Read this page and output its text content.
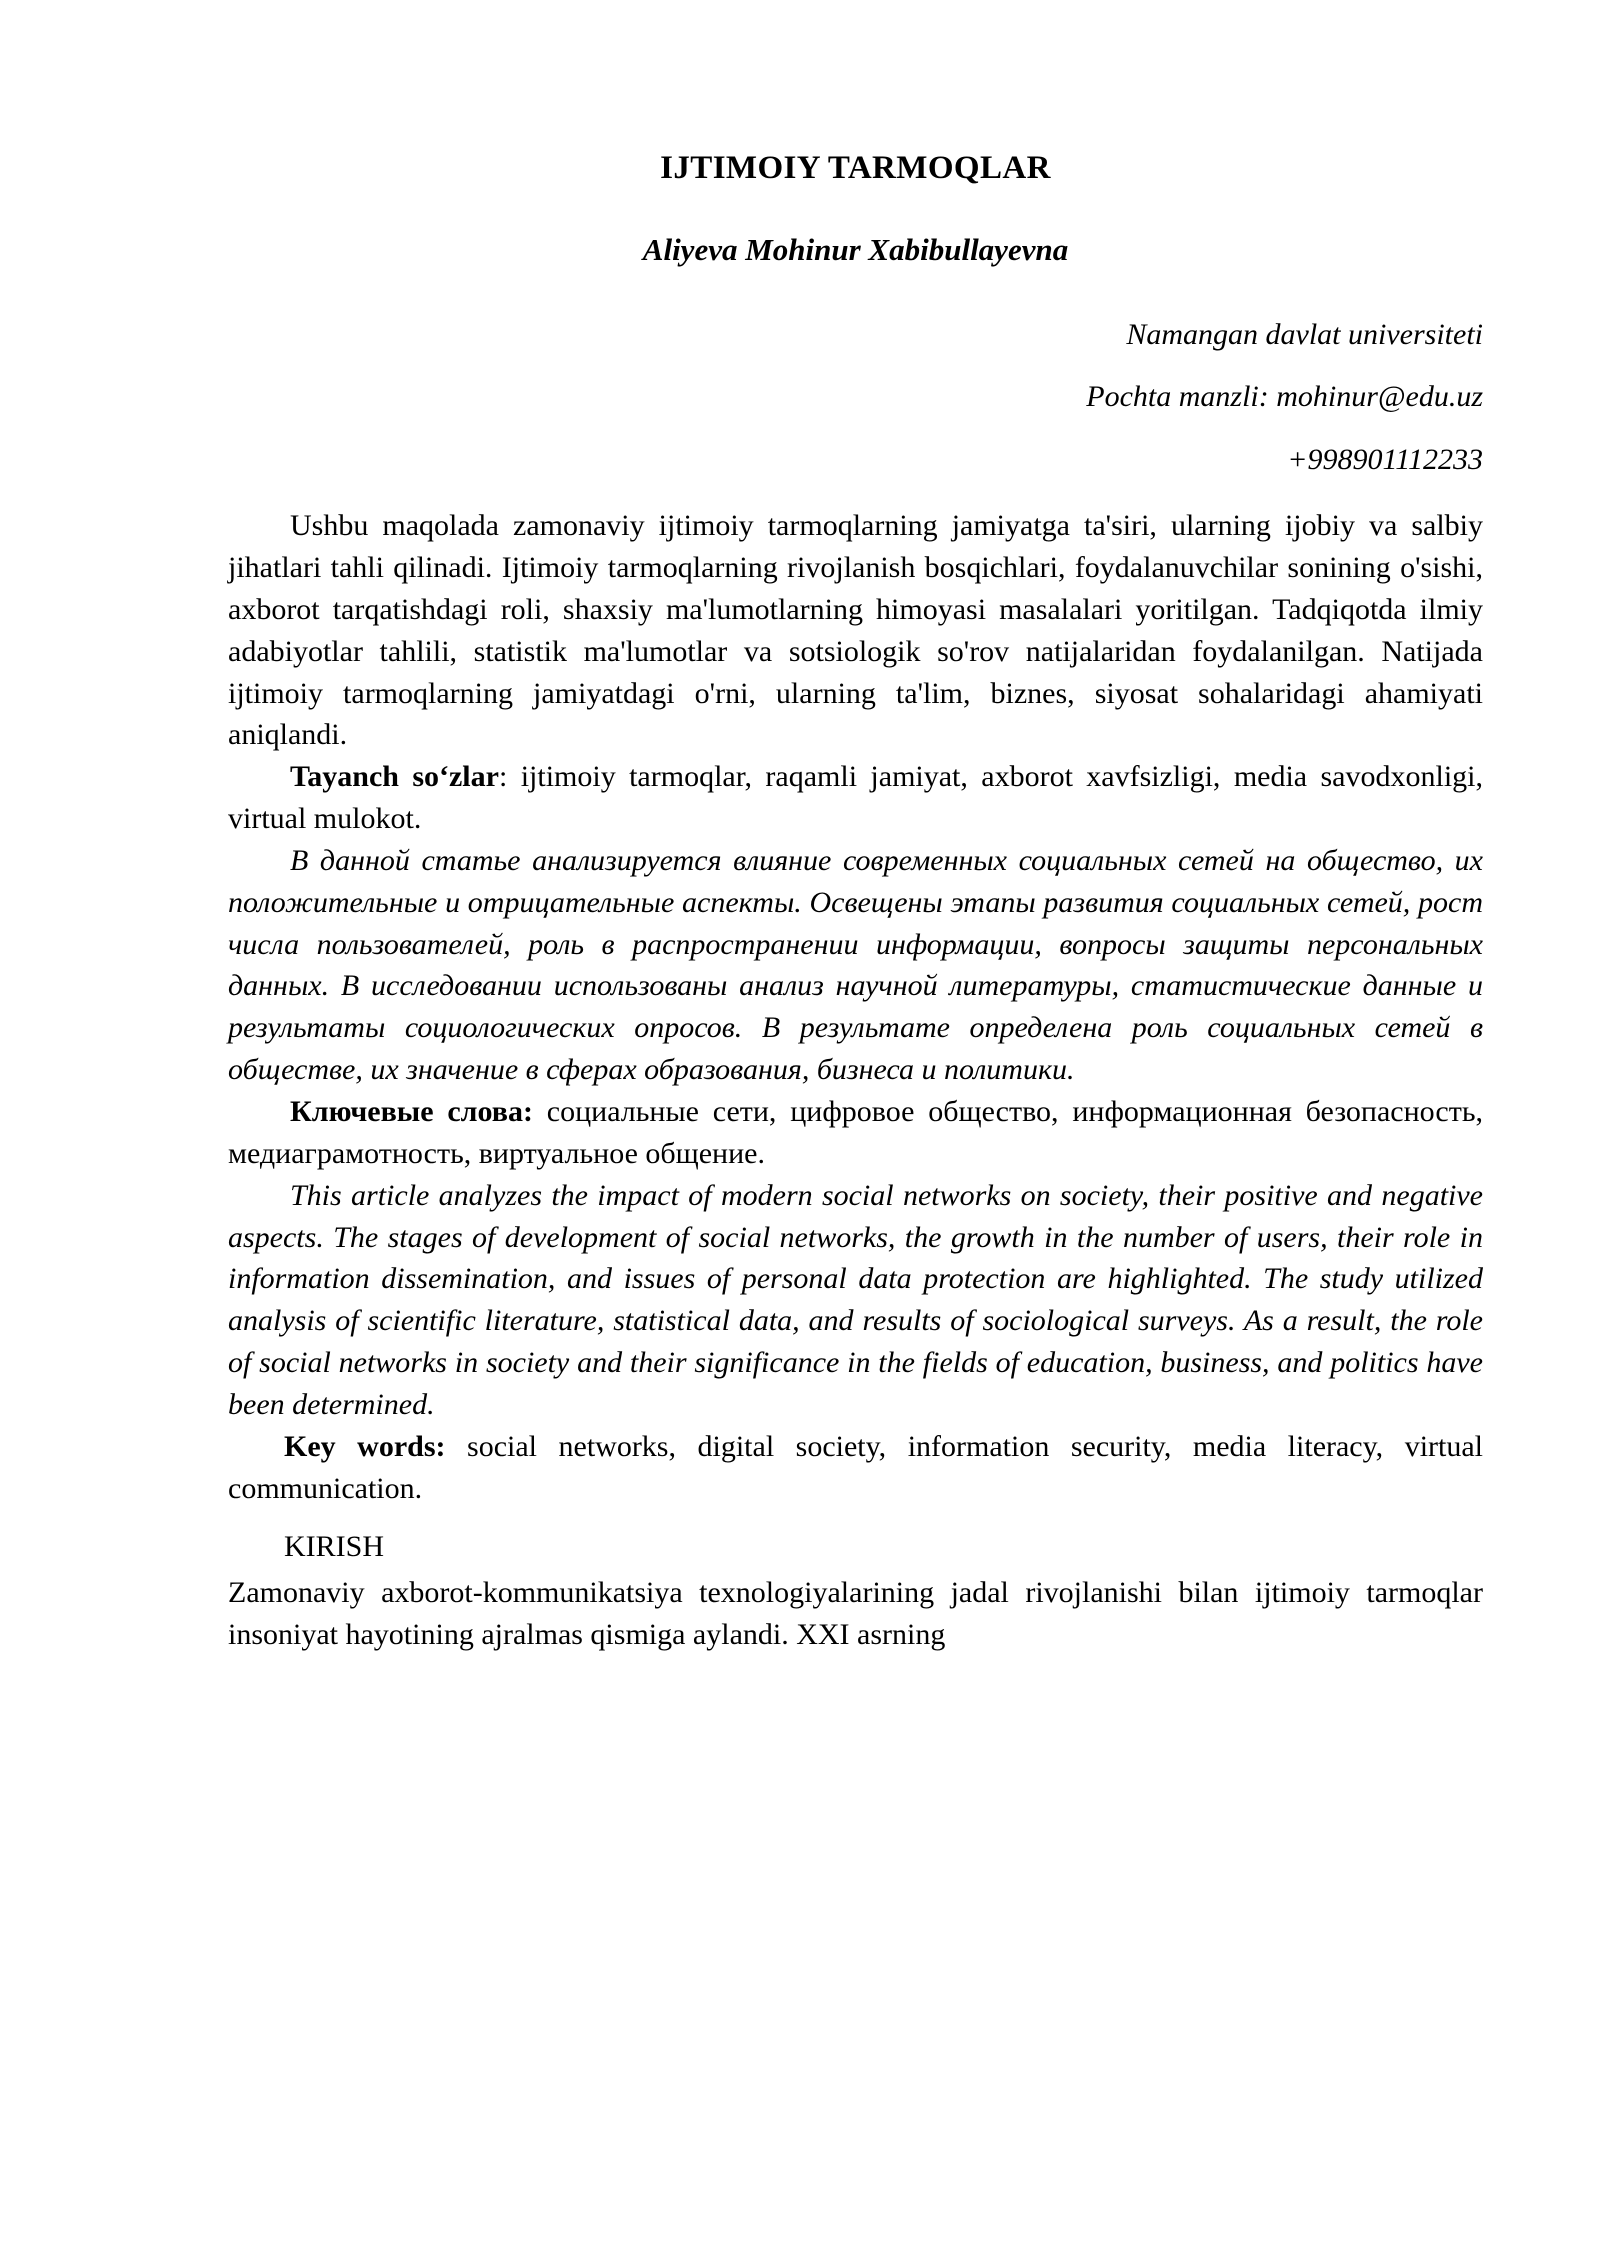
IJTIMOIY TARMOQLAR
Aliyeva Mohinur Xabibullayevna
Namangan davlat universiteti
Pochta manzli: mohinur@edu.uz
+998901112233

Ushbu maqolada zamonaviy ijtimoiy tarmoqlarning jamiyatga ta'siri, ularning ijobiy va salbiy jihatlari tahli qilinadi. Ijtimoiy tarmoqlarning rivojlanish bosqichlari, foydalanuvchilar sonining o'sishi, axborot tarqatishdagi roli, shaxsiy ma'lumotlarning himoyasi masalalari yoritilgan. Tadqiqotda ilmiy adabiyotlar tahlili, statistik ma'lumotlar va sotsiologik so'rov natijalaridan foydalanilgan. Natijada ijtimoiy tarmoqlarning jamiyatdagi o'rni, ularning ta'lim, biznes, siyosat sohalaridagi ahamiyati aniqlandi.

Tayanch so‘zlar: ijtimoiy tarmoqlar, raqamli jamiyat, axborot xavfsizligi, media savodxonligi, virtual mulokot.

В данной статье анализируется влияние современных социальных сетей на общество, их положительные и отрицательные аспекты. Освещены этапы развития социальных сетей, рост числа пользователей, роль в распространении информации, вопросы защиты персональных данных. В исследовании использованы анализ научной литературы, статистические данные и результаты социологических опросов. В результате определена роль социальных сетей в обществе, их значение в сферах образования, бизнеса и политики.

Ключевые слова: социальные сети, цифровое общество, информационная безопасность, медиаграмотность, виртуальное общение.

This article analyzes the impact of modern social networks on society, their positive and negative aspects. The stages of development of social networks, the growth in the number of users, their role in information dissemination, and issues of personal data protection are highlighted. The study utilized analysis of scientific literature, statistical data, and results of sociological surveys. As a result, the role of social networks in society and their significance in the fields of education, business, and politics have been determined.

Key words: social networks, digital society, information security, media literacy, virtual communication.

KIRISH

Zamonaviy axborot-kommunikatsiya texnologiyalarining jadal rivojlanishi bilan ijtimoiy tarmoqlar insoniyat hayotining ajralmas qismiga aylandi. XXI asrning
